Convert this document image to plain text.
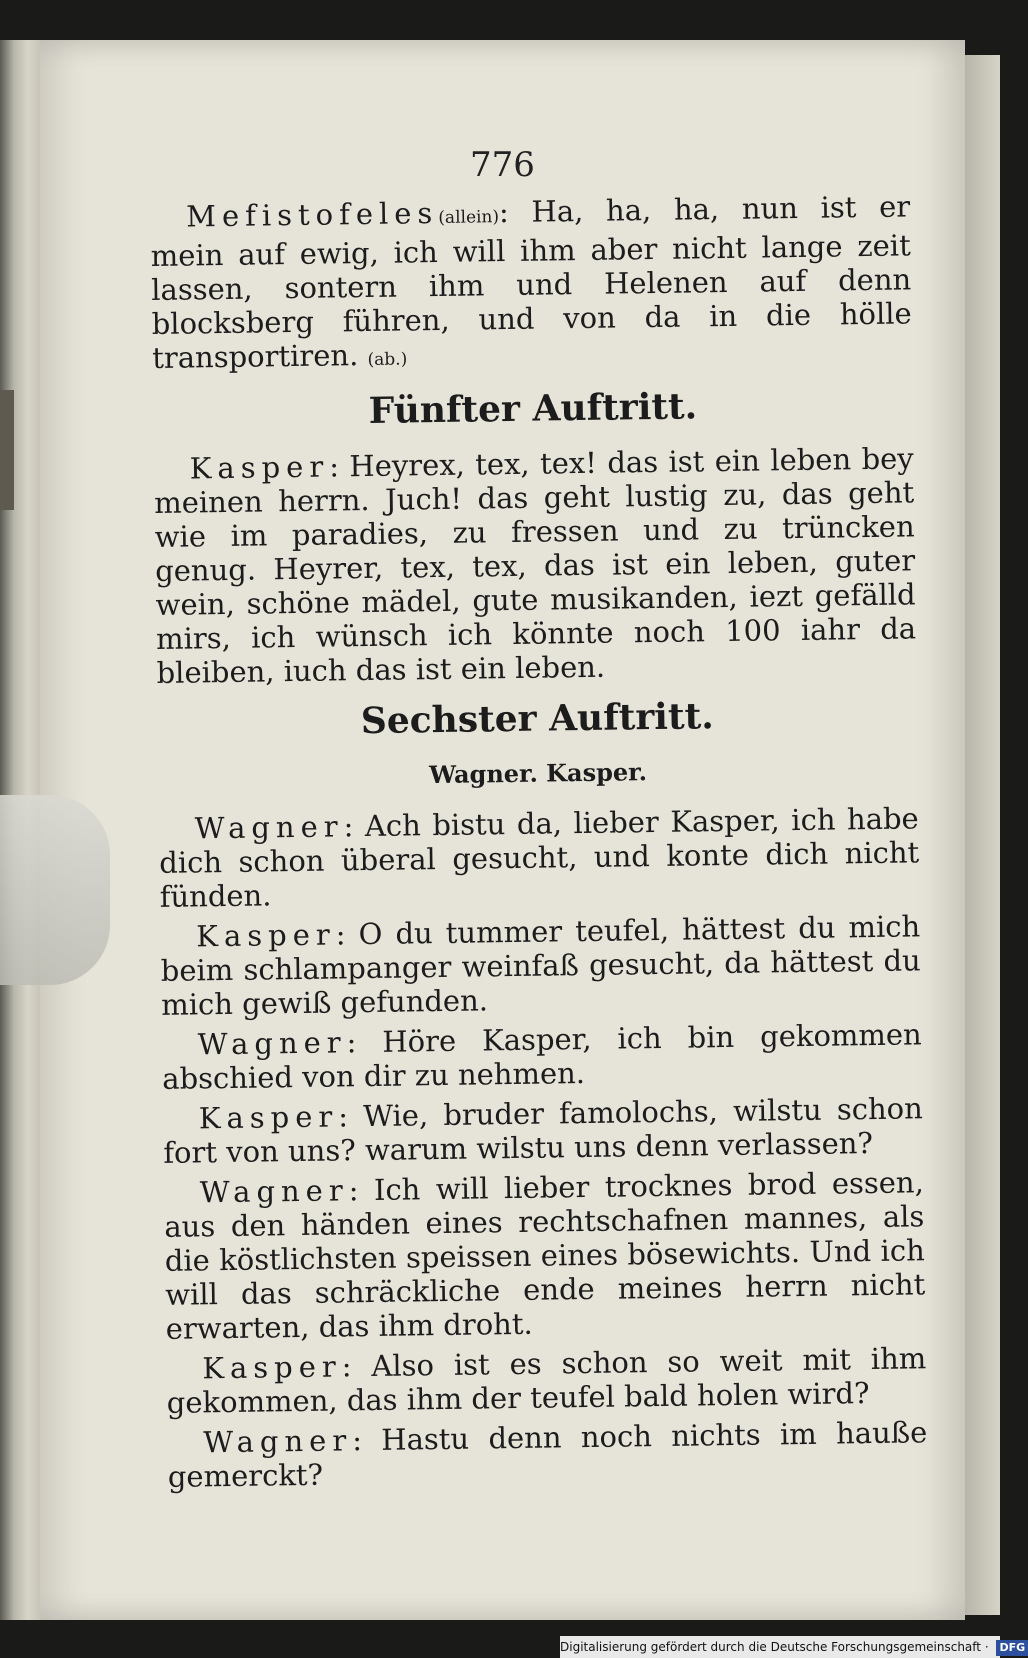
776

Mefistofeles(allein): Ha, ha, ha, nun ist er mein auf ewig, ich will ihm aber nicht lange zeit lassen, sontern ihm und Helenen auf denn blocksberg führen, und von da in die hölle transportiren. (ab.)

Fünfter Auftritt.

Kasper: Heyrex, tex, tex! das ist ein leben bey meinen herrn. Juch! das geht lustig zu, das geht wie im paradies, zu fressen und zu trüncken genug. Heyrer, tex, tex, das ist ein leben, guter wein, schöne mädel, gute musikanden, iezt gefälld mirs, ich wünsch ich könnte noch 100 iahr da bleiben, iuch das ist ein leben.

Sechster Auftritt.
Wagner. Kasper.

Wagner: Ach bistu da, lieber Kasper, ich habe dich schon überal gesucht, und konte dich nicht fünden.

Kasper: O du tummer teufel, hättest du mich beim schlampanger weinfaß gesucht, da hättest du mich gewiß gefunden.

Wagner: Höre Kasper, ich bin gekommen abschied von dir zu nehmen.

Kasper: Wie, bruder famolochs, wilstu schon fort von uns? warum wilstu uns denn verlassen?

Wagner: Ich will lieber trocknes brod essen, aus den händen eines rechtschafnen mannes, als die köstlichsten speissen eines bösewichts. Und ich will das schräckliche ende meines herrn nicht erwarten, das ihm droht.

Kasper: Also ist es schon so weit mit ihm gekommen, das ihm der teufel bald holen wird?

Wagner: Hastu denn noch nichts im hauße gemerckt?

Digitalisierung gefördert durch die Deutsche Forschungsgemeinschaft · DFG
